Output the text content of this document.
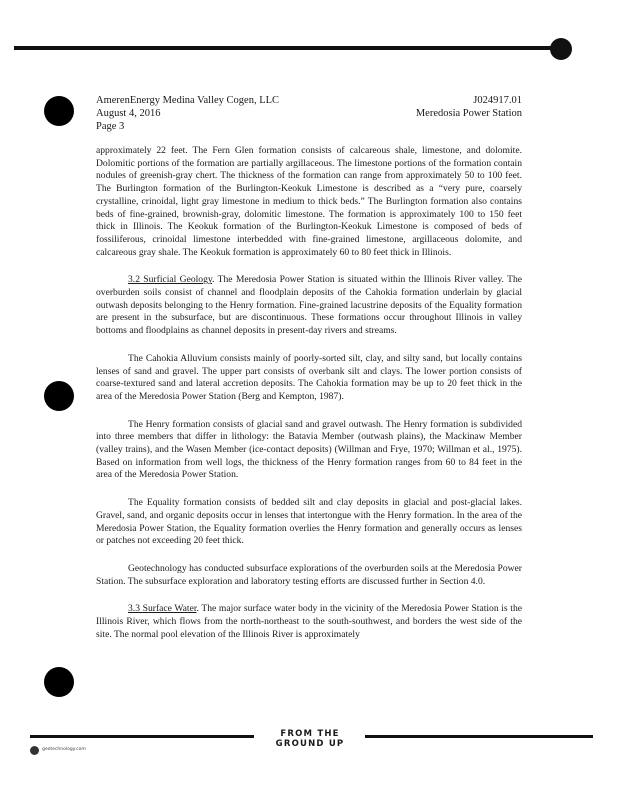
AmerenEnergy Medina Valley Cogen, LLC	J024917.01
August 4, 2016	Meredosia Power Station
Page 3

approximately 22 feet. The Fern Glen formation consists of calcareous shale, limestone, and dolomite. Dolomitic portions of the formation are partially argillaceous. The limestone portions of the formation contain nodules of greenish-gray chert. The thickness of the formation can range from approximately 50 to 100 feet. The Burlington formation of the Burlington-Keokuk Limestone is described as a “very pure, coarsely crystalline, crinoidal, light gray limestone in medium to thick beds.” The Burlington formation also contains beds of fine-grained, brownish-gray, dolomitic limestone. The formation is approximately 100 to 150 feet thick in Illinois. The Keokuk formation of the Burlington-Keokuk Limestone is composed of beds of fossiliferous, crinoidal limestone interbedded with fine-grained limestone, argillaceous dolomite, and calcareous gray shale. The Keokuk formation is approximately 60 to 80 feet thick in Illinois.

3.2 Surficial Geology. The Meredosia Power Station is situated within the Illinois River valley. The overburden soils consist of channel and floodplain deposits of the Cahokia formation underlain by glacial outwash deposits belonging to the Henry formation. Fine-grained lacustrine deposits of the Equality formation are present in the subsurface, but are discontinuous. These formations occur throughout Illinois in valley bottoms and floodplains as channel deposits in present-day rivers and streams.

The Cahokia Alluvium consists mainly of poorly-sorted silt, clay, and silty sand, but locally contains lenses of sand and gravel. The upper part consists of overbank silt and clays. The lower portion consists of coarse-textured sand and lateral accretion deposits. The Cahokia formation may be up to 20 feet thick in the area of the Meredosia Power Station (Berg and Kempton, 1987).

The Henry formation consists of glacial sand and gravel outwash. The Henry formation is subdivided into three members that differ in lithology: the Batavia Member (outwash plains), the Mackinaw Member (valley trains), and the Wasen Member (ice-contact deposits) (Willman and Frye, 1970; Willman et al., 1975). Based on information from well logs, the thickness of the Henry formation ranges from 60 to 84 feet in the area of the Meredosia Power Station.

The Equality formation consists of bedded silt and clay deposits in glacial and post-glacial lakes. Gravel, sand, and organic deposits occur in lenses that intertongue with the Henry formation. In the area of the Meredosia Power Station, the Equality formation overlies the Henry formation and generally occurs as lenses or patches not exceeding 20 feet thick.

Geotechnology has conducted subsurface explorations of the overburden soils at the Meredosia Power Station. The subsurface exploration and laboratory testing efforts are discussed further in Section 4.0.

3.3 Surface Water. The major surface water body in the vicinity of the Meredosia Power Station is the Illinois River, which flows from the north-northeast to the south-southwest, and borders the west side of the site. The normal pool elevation of the Illinois River is approximately

FROM THE GROUND UP
geotechnology.com
